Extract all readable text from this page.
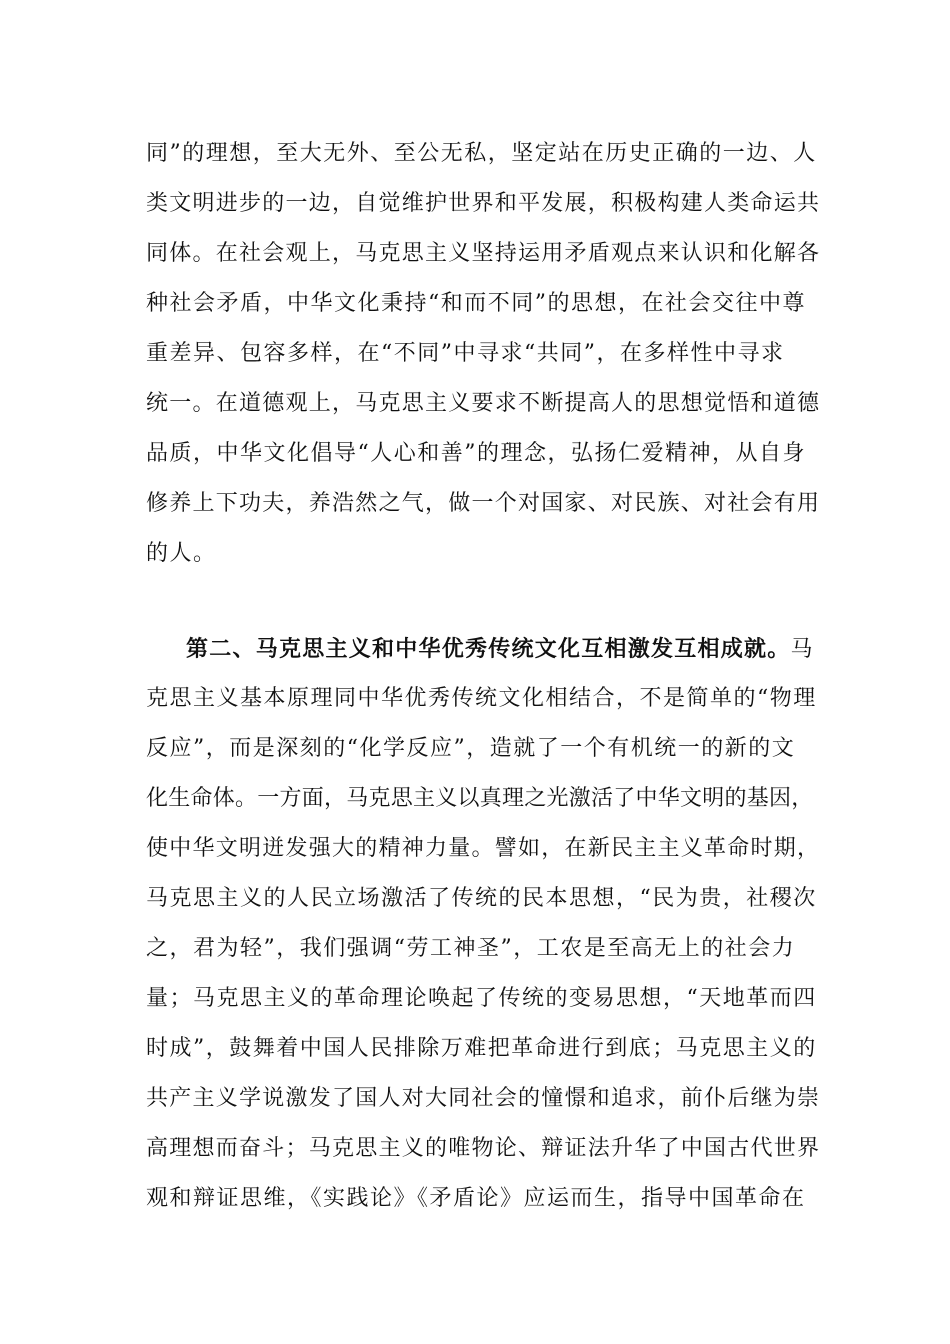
同”的理想，至大无外、至公无私，坚定站在历史正确的一边、人
类文明进步的一边，自觉维护世界和平发展，积极构建人类命运共
同体。在社会观上，马克思主义坚持运用矛盾观点来认识和化解各
种社会矛盾，中华文化秉持“和而不同”的思想，在社会交往中尊
重差异、包容多样，在“不同”中寻求“共同”，在多样性中寻求
统一。在道德观上，马克思主义要求不断提高人的思想觉悟和道德
品质，中华文化倡导“人心和善”的理念，弘扬仁爱精神，从自身
修养上下功夫，养浩然之气，做一个对国家、对民族、对社会有用
的人。
第二、马克思主义和中华优秀传统文化互相激发互相成就。马
克思主义基本原理同中华优秀传统文化相结合，不是简单的“物理
反应”，而是深刻的“化学反应”，造就了一个有机统一的新的文
化生命体。一方面，马克思主义以真理之光激活了中华文明的基因，
使中华文明迸发强大的精神力量。譬如，在新民主主义革命时期，
马克思主义的人民立场激活了传统的民本思想，“民为贵，社稷次
之，君为轻”，我们强调“劳工神圣”，工农是至高无上的社会力
量；马克思主义的革命理论唤起了传统的变易思想，“天地革而四
时成”，鼓舞着中国人民排除万难把革命进行到底；马克思主义的
共产主义学说激发了国人对大同社会的憧憬和追求，前仆后继为崇
高理想而奋斗；马克思主义的唯物论、辩证法升华了中国古代世界
观和辩证思维，《实践论》《矛盾论》应运而生，指导中国革命在
